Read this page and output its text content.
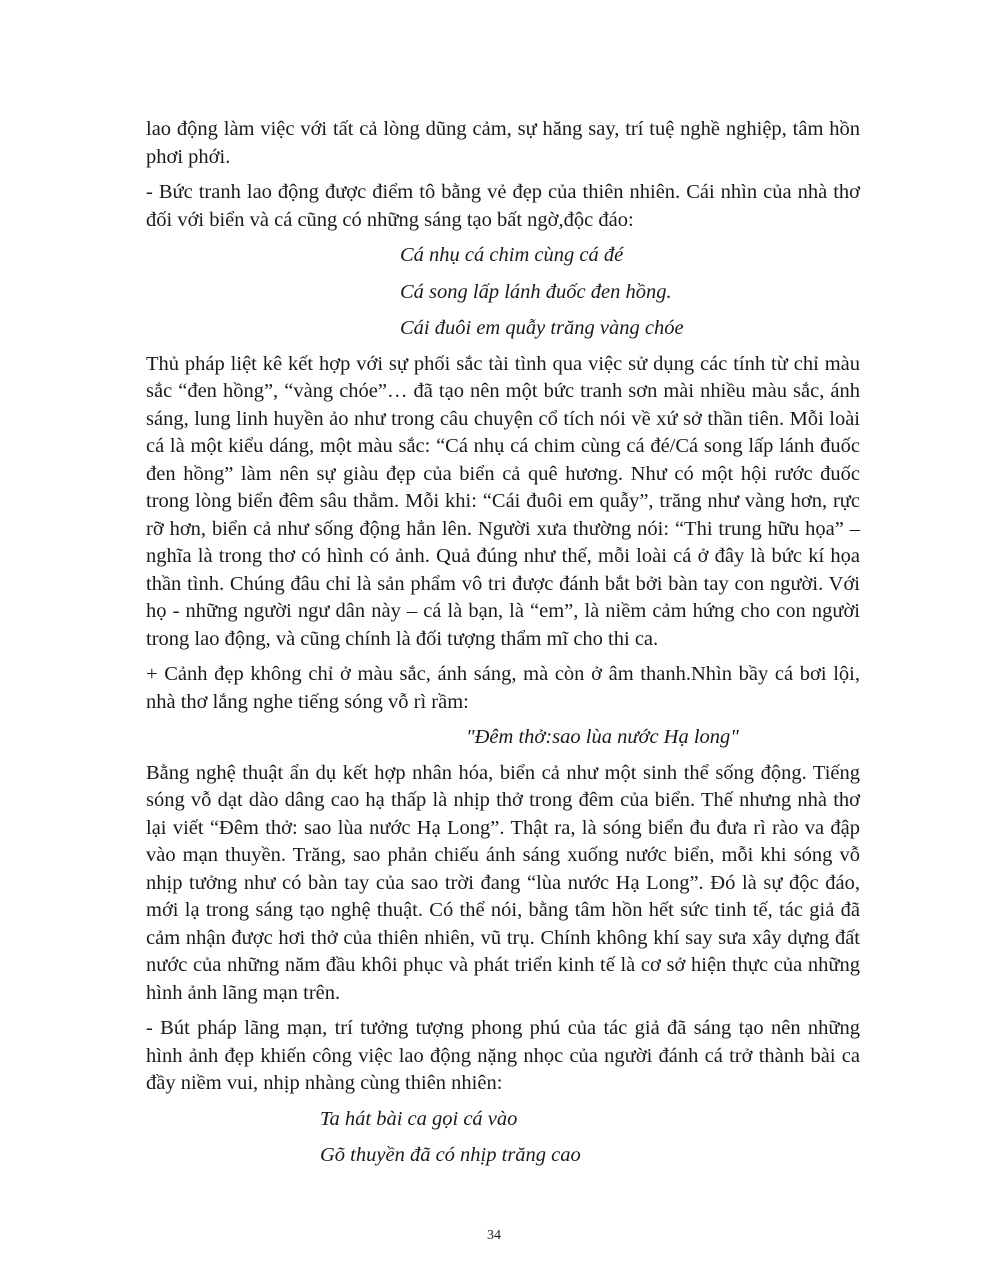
lao động làm việc với tất cả lòng dũng cảm, sự hăng say, trí tuệ nghề nghiệp, tâm hồn phơi phới.

- Bức tranh lao động được điểm tô bằng vẻ đẹp của thiên nhiên. Cái nhìn của nhà thơ đối với biển và cá cũng có những sáng tạo bất ngờ,độc đáo:

Cá nhụ cá chim cùng cá đé
Cá song lấp lánh đuốc đen hồng.
Cái đuôi em quẫy trăng vàng chóe

Thủ pháp liệt kê kết hợp với sự phối sắc tài tình qua việc sử dụng các tính từ chỉ màu sắc “đen hồng”, “vàng chóe”… đã tạo nên một bức tranh sơn mài nhiều màu sắc, ánh sáng, lung linh huyền ảo như trong câu chuyện cổ tích nói về xứ sở thần tiên. Mỗi loài cá là một kiểu dáng, một màu sắc: “Cá nhụ cá chim cùng cá đé/Cá song lấp lánh đuốc đen hồng” làm nên sự giàu đẹp của biển cả quê hương. Như có một hội rước đuốc trong lòng biển đêm sâu thẳm. Mỗi khi: “Cái đuôi em quẫy”, trăng như vàng hơn, rực rỡ hơn, biển cả như sống động hẳn lên. Người xưa thường nói: “Thi trung hữu họa” – nghĩa là trong thơ có hình có ảnh. Quả đúng như thế, mỗi loài cá ở đây là bức kí họa thần tình. Chúng đâu chỉ là sản phẩm vô tri được đánh bắt bởi bàn tay con người. Với họ - những người ngư dân này – cá là bạn, là “em”, là niềm cảm hứng cho con người trong lao động, và cũng chính là đối tượng thẩm mĩ cho thi ca.

+ Cảnh đẹp không chỉ ở màu sắc, ánh sáng, mà còn ở âm thanh.Nhìn bầy cá bơi lội, nhà thơ lắng nghe tiếng sóng vỗ rì rầm:

"Đêm thở:sao lùa nước Hạ long"

Bằng nghệ thuật ẩn dụ kết hợp nhân hóa, biển cả như một sinh thể sống động. Tiếng sóng vỗ dạt dào dâng cao hạ thấp là nhịp thở trong đêm của biển. Thế nhưng nhà thơ lại viết “Đêm thở: sao lùa nước Hạ Long”. Thật ra, là sóng biển đu đưa rì rào va đập vào mạn thuyền. Trăng, sao phản chiếu ánh sáng xuống nước biển, mỗi khi sóng vỗ nhịp tưởng như có bàn tay của sao trời đang “lùa nước Hạ Long”. Đó là sự độc đáo, mới lạ trong sáng tạo nghệ thuật. Có thể nói, bằng tâm hồn hết sức tinh tế, tác giả đã cảm nhận được hơi thở của thiên nhiên, vũ trụ. Chính không khí say sưa xây dựng đất nước của những năm đầu khôi phục và phát triển kinh tế là cơ sở hiện thực của những hình ảnh lãng mạn trên.

- Bút pháp lãng mạn, trí tưởng tượng phong phú của tác giả đã sáng tạo nên những hình ảnh đẹp khiến công việc lao động nặng nhọc của người đánh cá trở thành bài ca đầy niềm vui, nhịp nhàng cùng thiên nhiên:

Ta hát bài ca gọi cá vào
Gõ thuyền đã có nhịp trăng cao
34
